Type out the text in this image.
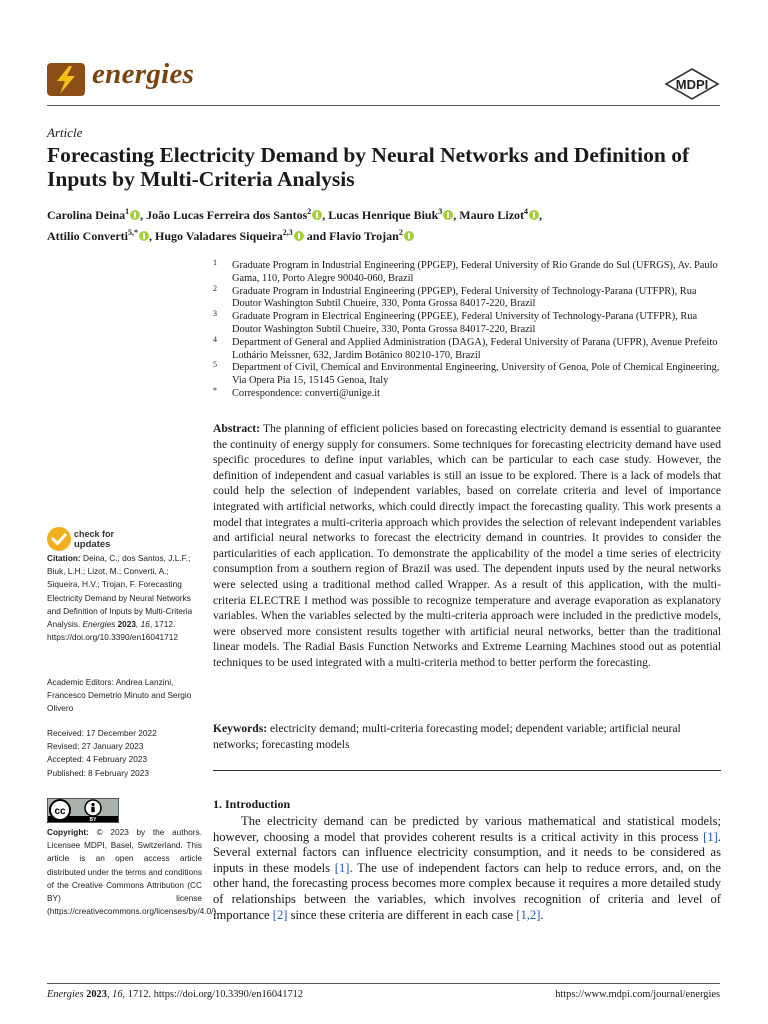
energies	MDPI
Article
Forecasting Electricity Demand by Neural Networks and Definition of Inputs by Multi-Criteria Analysis
Carolina Deina$^1$ , João Lucas Ferreira dos Santos$^2$ , Lucas Henrique Biuk$^3$ , Mauro Lizot$^4$ ,
Attilio Converti$^{5,*}$ , Hugo Valadares Siqueira$^{2,3}$ and Flavio Trojan$^2$
1 Graduate Program in Industrial Engineering (PPGEP), Federal University of Rio Grande do Sul (UFRGS), Av. Paulo Gama, 110, Porto Alegre 90040-060, Brazil
2 Graduate Program in Industrial Engineering (PPGEP), Federal University of Technology-Parana (UTFPR), Rua Doutor Washington Subtil Chueire, 330, Ponta Grossa 84017-220, Brazil
3 Graduate Program in Electrical Engineering (PPGEE), Federal University of Technology-Parana (UTFPR), Rua Doutor Washington Subtil Chueire, 330, Ponta Grossa 84017-220, Brazil
4 Department of General and Applied Administration (DAGA), Federal University of Parana (UFPR), Avenue Prefeito Lothário Meissner, 632, Jardim Botânico 80210-170, Brazil
5 Department of Civil, Chemical and Environmental Engineering, University of Genoa, Pole of Chemical Engineering, Via Opera Pia 15, 15145 Genoa, Italy
* Correspondence: converti@unige.it
Abstract: The planning of efficient policies based on forecasting electricity demand is essential to guarantee the continuity of energy supply for consumers. Some techniques for forecasting electricity demand have used specific procedures to define input variables, which can be particular to each case study. However, the definition of independent and casual variables is still an issue to be explored. There is a lack of models that could help the selection of independent variables, based on correlate criteria and level of importance integrated with artificial networks, which could directly impact the forecasting quality. This work presents a model that integrates a multi-criteria approach which provides the selection of relevant independent variables and artificial neural networks to forecast the electricity demand in countries. It provides to consider the particularities of each application. To demonstrate the applicability of the model a time series of electricity consumption from a southern region of Brazil was used. The dependent inputs used by the neural networks were selected using a traditional method called Wrapper. As a result of this application, with the multi-criteria ELECTRE I method was possible to recognize temperature and average evaporation as explanatory variables. When the variables selected by the multi-criteria approach were included in the predictive models, were observed more consistent results together with artificial neural networks, better than the traditional linear models. The Radial Basis Function Networks and Extreme Learning Machines stood out as potential techniques to be used integrated with a multi-criteria method to better perform the forecasting.
Keywords: electricity demand; multi-criteria forecasting model; dependent variable; artificial neural networks; forecasting models
1. Introduction
The electricity demand can be predicted by various mathematical and statistical models; however, choosing a model that provides coherent results is a critical activity in this process [1]. Several external factors can influence electricity consumption, and it needs to be considered as inputs in these models [1]. The use of independent factors can help to reduce errors, and, on the other hand, the forecasting process becomes more complex because it requires a more detailed study of relationships between the variables, which involves recognition of criteria and level of importance [2] since these criteria are different in each case [1,2].
check for
updates
Citation: Deina, C.; dos Santos, J.L.F.; Biuk, L.H.; Lizot, M.; Converti, A.; Siqueira, H.V.; Trojan, F. Forecasting Electricity Demand by Neural Networks and Definition of Inputs by Multi-Criteria Analysis. Energies 2023, 16, 1712. https://doi.org/10.3390/en16041712
Academic Editors: Andrea Lanzini, Francesco Demetrio Minuto and Sergio Olivero
Received: 17 December 2022
Revised: 27 January 2023
Accepted: 4 February 2023
Published: 8 February 2023
cc
BY
Copyright: © 2023 by the authors. Licensee MDPI, Basel, Switzerland. This article is an open access article distributed under the terms and conditions of the Creative Commons Attribution (CC BY) license (https://creativecommons.org/licenses/by/4.0/).
Energies 2023, 16, 1712. https://doi.org/10.3390/en16041712	https://www.mdpi.com/journal/energies
